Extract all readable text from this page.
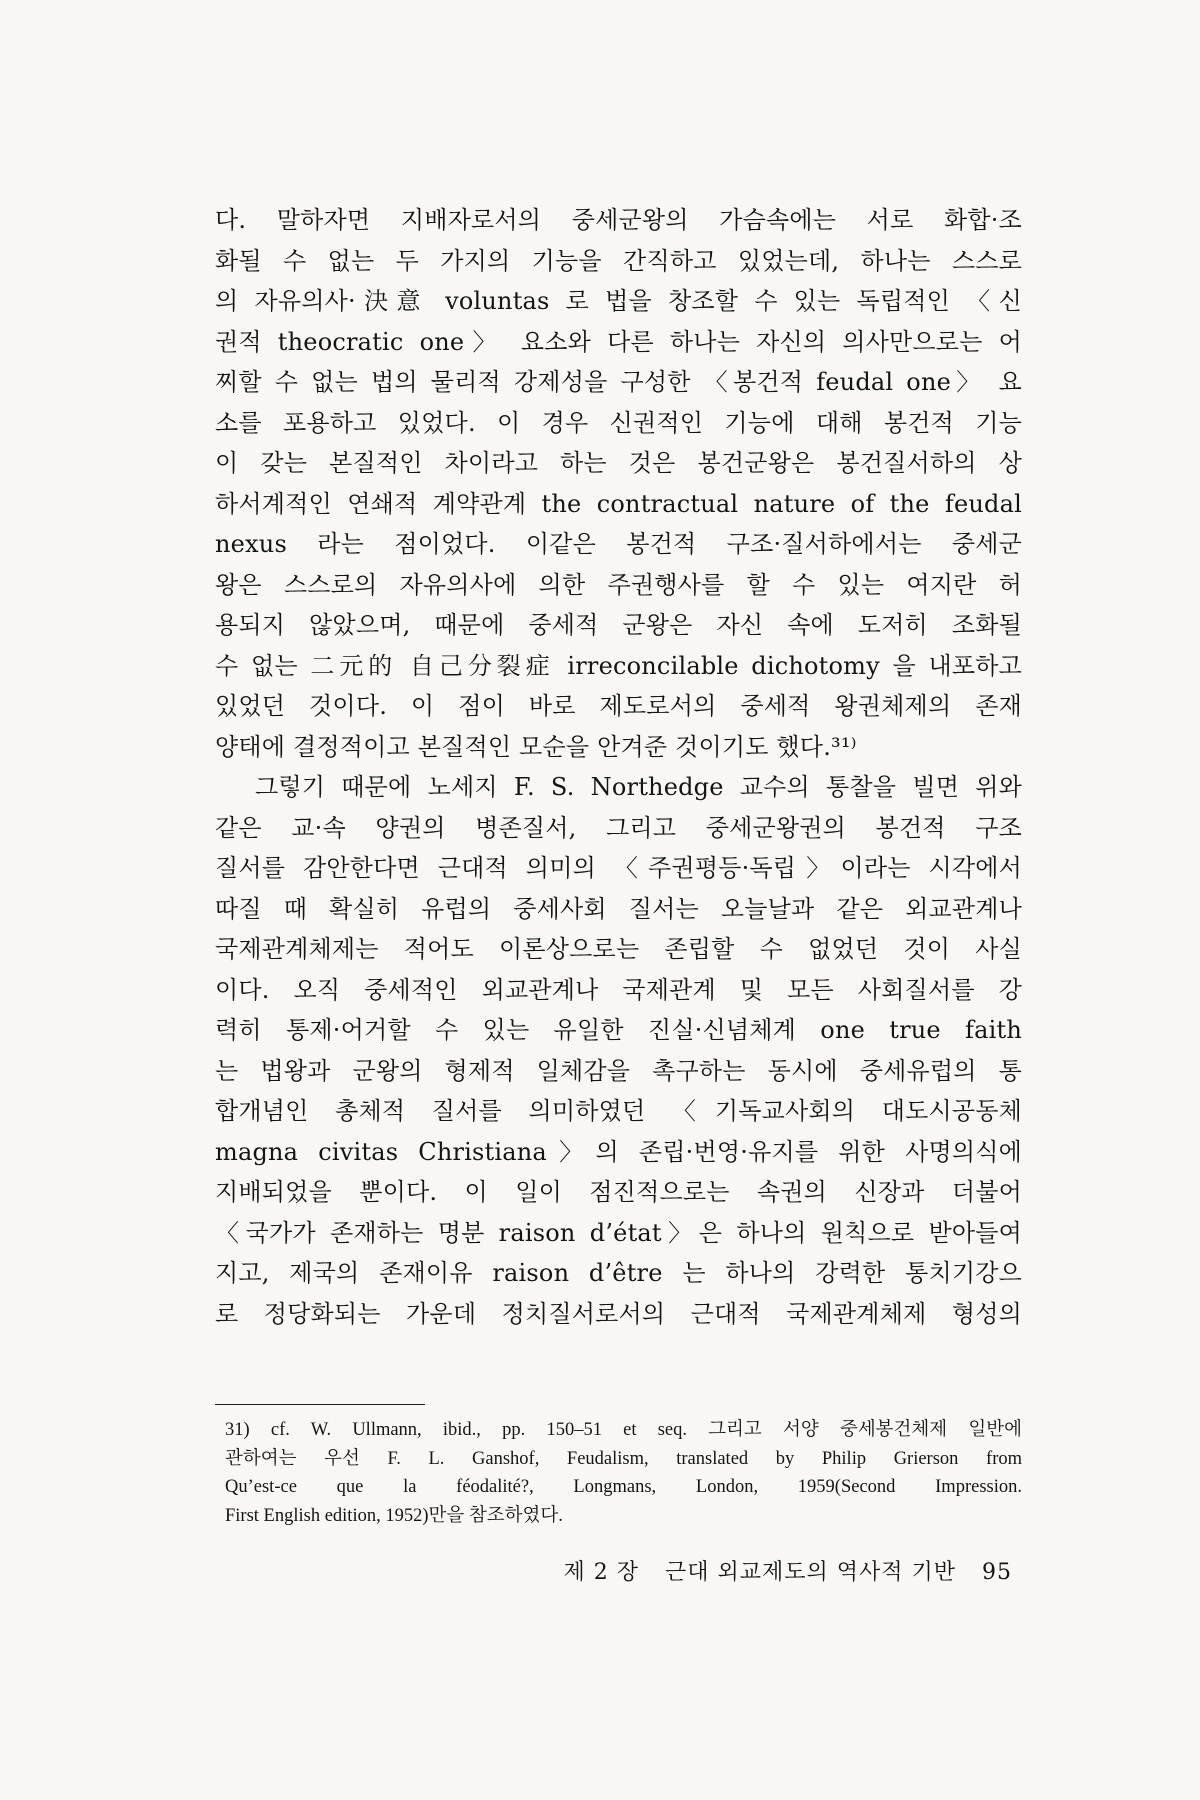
다. 말하자면 지배자로서의 중세군왕의 가슴속에는 서로 화합·조
화될 수 없는 두 가지의 기능을 간직하고 있었는데, 하나는 스스로
의 자유의사·決意 voluntas 로 법을 창조할 수 있는 독립적인 〈신
권적 theocratic one〉 요소와 다른 하나는 자신의 의사만으로는 어
찌할 수 없는 법의 물리적 강제성을 구성한 〈봉건적 feudal one〉 요
소를 포용하고 있었다. 이 경우 신권적인 기능에 대해 봉건적 기능
이 갖는 본질적인 차이라고 하는 것은 봉건군왕은 봉건질서하의 상
하서계적인 연쇄적 계약관계 the contractual nature of the feudal
nexus 라는 점이었다. 이같은 봉건적 구조·질서하에서는 중세군
왕은 스스로의 자유의사에 의한 주권행사를 할 수 있는 여지란 허
용되지 않았으며, 때문에 중세적 군왕은 자신 속에 도저히 조화될
수 없는 二元的 自己分裂症 irreconcilable dichotomy 을 내포하고
있었던 것이다. 이 점이 바로 제도로서의 중세적 왕권체제의 존재
양태에 결정적이고 본질적인 모순을 안겨준 것이기도 했다.³¹⁾
그렇기 때문에 노세지 F. S. Northedge 교수의 통찰을 빌면 위와
같은 교·속 양권의 병존질서, 그리고 중세군왕권의 봉건적 구조
질서를 감안한다면 근대적 의미의 〈주권평등·독립〉이라는 시각에서
따질 때 확실히 유럽의 중세사회 질서는 오늘날과 같은 외교관계나
국제관계체제는 적어도 이론상으로는 존립할 수 없었던 것이 사실
이다. 오직 중세적인 외교관계나 국제관계 및 모든 사회질서를 강
력히 통제·어거할 수 있는 유일한 진실·신념체계 one true faith
는 법왕과 군왕의 형제적 일체감을 촉구하는 동시에 중세유럽의 통
합개념인 총체적 질서를 의미하였던 〈기독교사회의 대도시공동체
magna civitas Christiana〉의 존립·번영·유지를 위한 사명의식에
지배되었을 뿐이다. 이 일이 점진적으로는 속권의 신장과 더불어
〈국가가 존재하는 명분 raison d’état〉은 하나의 원칙으로 받아들여
지고, 제국의 존재이유 raison d’être 는 하나의 강력한 통치기강으
로 정당화되는 가운데 정치질서로서의 근대적 국제관계체제 형성의
31) cf. W. Ullmann, ibid., pp. 150–51 et seq. 그리고 서양 중세봉건체제 일반에
관하여는 우선 F. L. Ganshof, Feudalism, translated by Philip Grierson from
Qu’est-ce que la féodalité?, Longmans, London, 1959(Second Impression.
First English edition, 1952)만을 참조하였다.
제 2 장 근대 외교제도의 역사적 기반 95
